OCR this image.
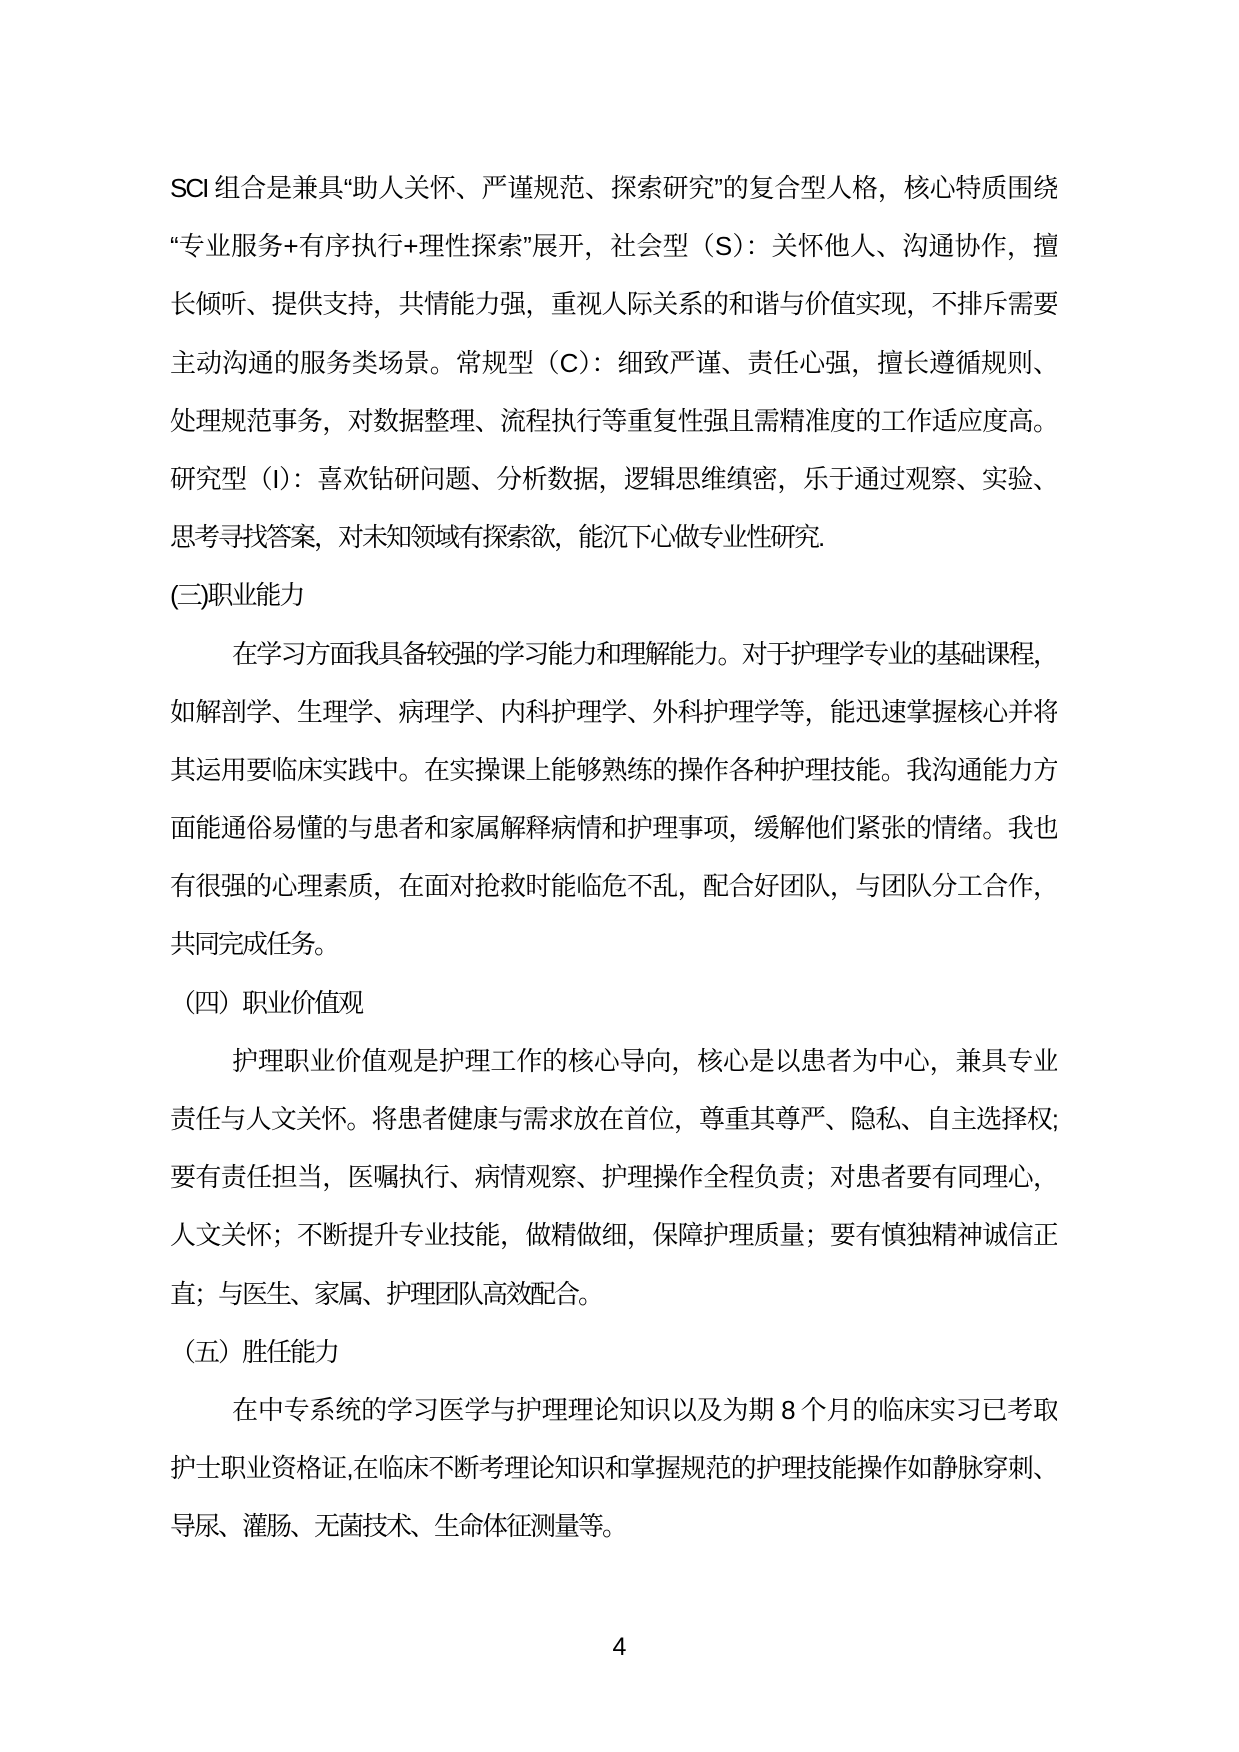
SCI 组合是兼具“助人关怀、严谨规范、探索研究”的复合型人格，核心特质围绕
“专业服务+有序执行+理性探索”展开，社会型（S）：关怀他人、沟通协作，擅
长倾听、提供支持，共情能力强，重视人际关系的和谐与价值实现，不排斥需要
主动沟通的服务类场景。常规型（C）：细致严谨、责任心强，擅长遵循规则、
处理规范事务，对数据整理、流程执行等重复性强且需精准度的工作适应度高。
研究型（I）：喜欢钻研问题、分析数据，逻辑思维缜密，乐于通过观察、实验、
思考寻找答案，对未知领域有探索欲，能沉下心做专业性研究.
(三)职业能力
在学习方面我具备较强的学习能力和理解能力。对于护理学专业的基础课程，
如解剖学、生理学、病理学、内科护理学、外科护理学等，能迅速掌握核心并将
其运用要临床实践中。在实操课上能够熟练的操作各种护理技能。我沟通能力方
面能通俗易懂的与患者和家属解释病情和护理事项，缓解他们紧张的情绪。我也
有很强的心理素质，在面对抢救时能临危不乱，配合好团队，与团队分工合作，
共同完成任务。
（四）职业价值观
护理职业价值观是护理工作的核心导向，核心是以患者为中心，兼具专业
责任与人文关怀。将患者健康与需求放在首位，尊重其尊严、隐私、自主选择权;
要有责任担当，医嘱执行、病情观察、护理操作全程负责；对患者要有同理心，
人文关怀；不断提升专业技能，做精做细，保障护理质量；要有慎独精神诚信正
直；与医生、家属、护理团队高效配合。
（五）胜任能力
在中专系统的学习医学与护理理论知识以及为期 8 个月的临床实习已考取
护士职业资格证,在临床不断考理论知识和掌握规范的护理技能操作如静脉穿刺、
导尿、灌肠、无菌技术、生命体征测量等。
4
